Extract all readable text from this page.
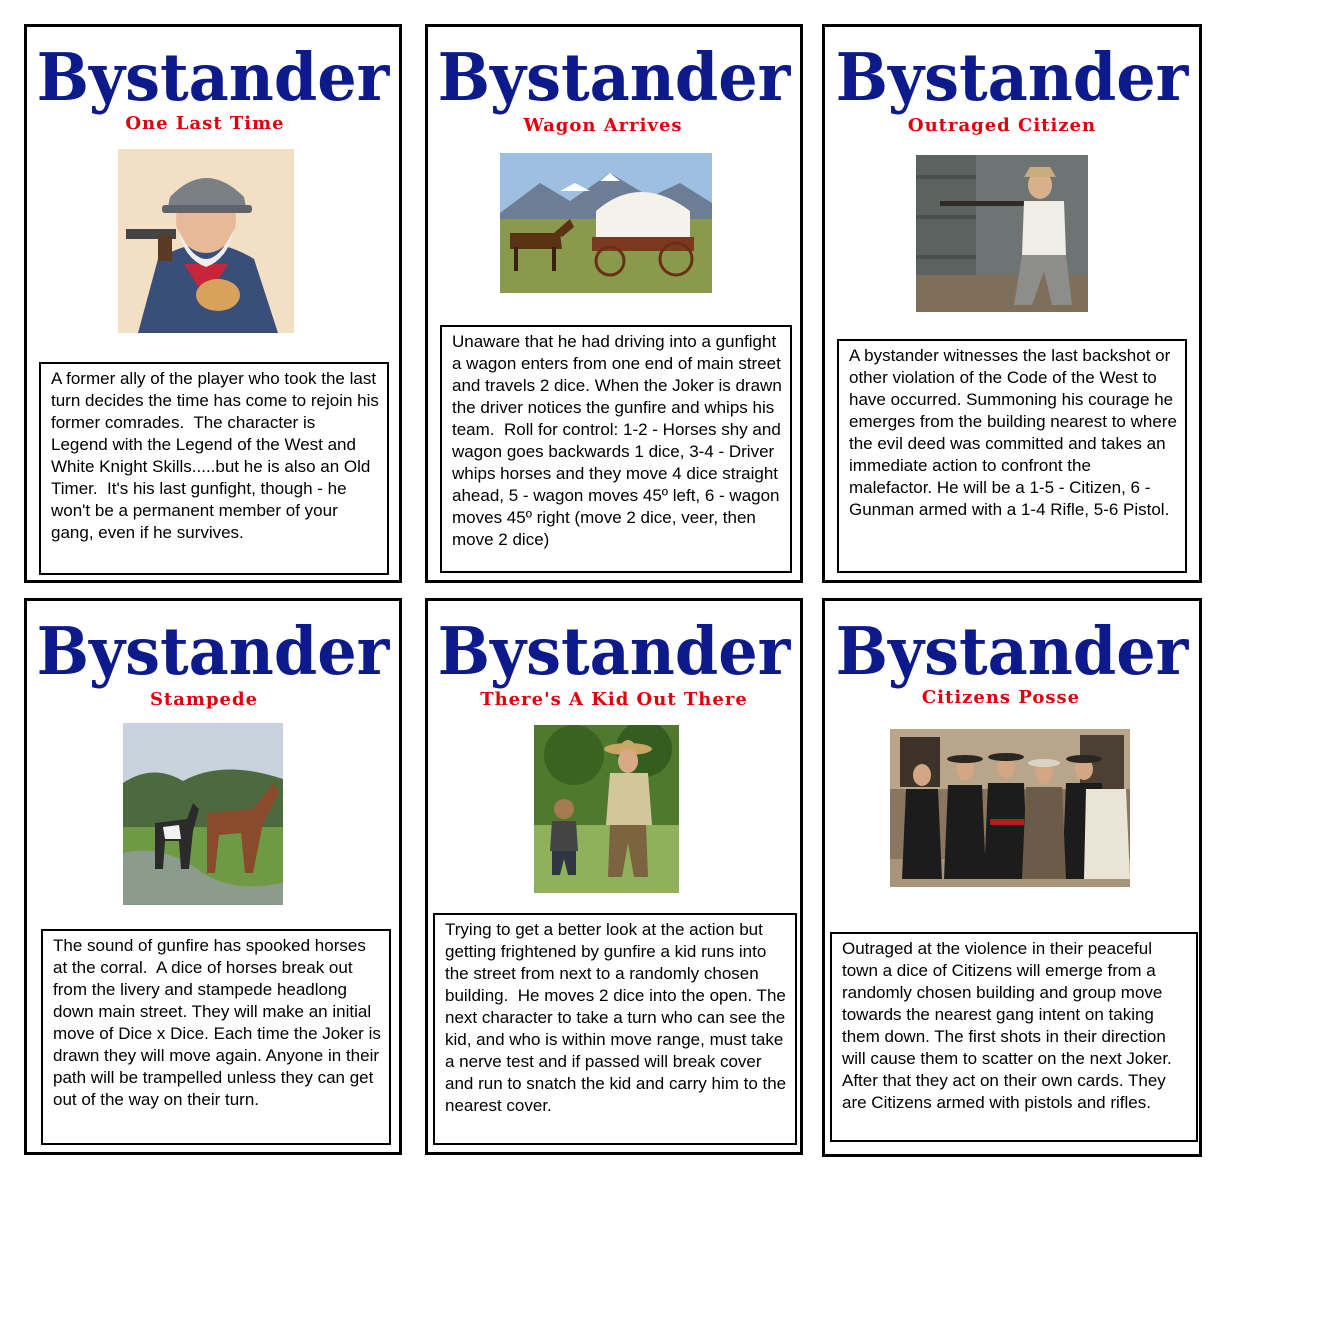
Bystander
One Last Time
A former ally of the player who took the last turn decides the time has come to rejoin his former comrades.  The character is  Legend with the Legend of the West and White Knight Skills.....but he is also an Old Timer.  It's his last gunfight, though - he won't be a permanent member of your gang, even if he survives.
Bystander
Wagon Arrives
Unaware that he had driving into a gunfight a wagon enters from one end of main street and travels 2 dice. When the Joker is drawn the driver notices the gunfire and whips his team.  Roll for control: 1-2 - Horses shy and wagon goes backwards 1 dice, 3-4 - Driver whips horses and they move 4 dice straight ahead, 5 - wagon moves 45º left, 6 - wagon moves 45º right (move 2 dice, veer, then move 2 dice)
Bystander
Outraged Citizen
A bystander witnesses the last backshot or other violation of the Code of the West to have occurred. Summoning his courage he emerges from the building nearest to where the evil deed was committed and takes an immediate action to confront the malefactor. He will be a 1-5 - Citizen, 6 - Gunman armed with a 1-4 Rifle, 5-6 Pistol.
Bystander
Stampede
The sound of gunfire has spooked horses at the corral.  A dice of horses break out from the livery and stampede headlong down main street. They will make an initial move of Dice x Dice. Each time the Joker is drawn they will move again. Anyone in their path will be trampelled unless they can get out of the way on their turn.
Bystander
There's A Kid Out There
Trying to get a better look at the action but getting frightened by gunfire a kid runs into the street from next to a randomly chosen building.  He moves 2 dice into the open. The next character to take a turn who can see the kid, and who is within move range, must take a nerve test and if passed will break cover and run to snatch the kid and carry him to the nearest cover.
Bystander
Citizens Posse
Outraged at the violence in their peaceful town a dice of Citizens will emerge from a randomly chosen building and group move towards the nearest gang intent on taking them down. The first shots in their direction will cause them to scatter on the next Joker. After that they act on their own cards. They are Citizens armed with pistols and rifles.
